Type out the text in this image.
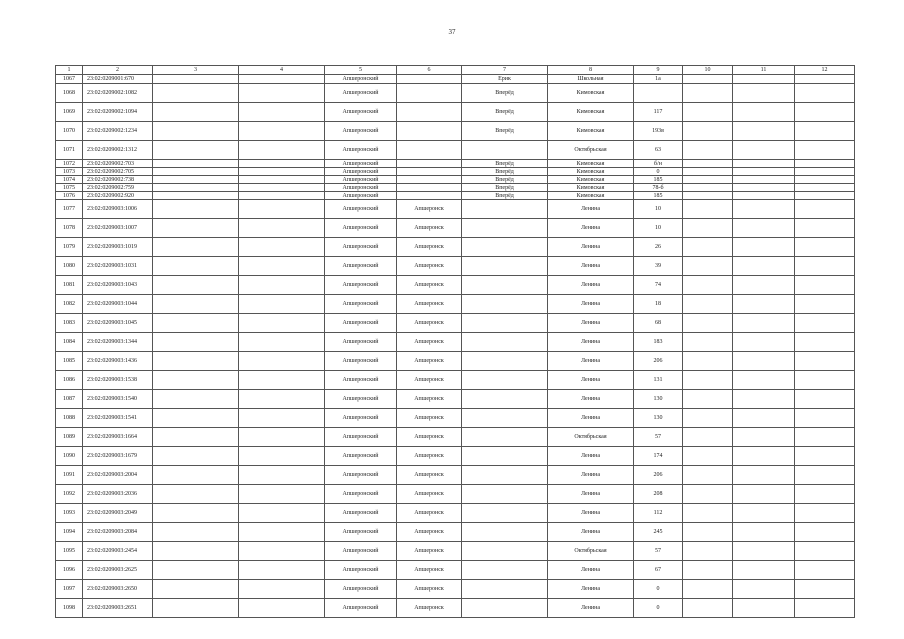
37
1	2	3	4	5	6	7	8	9	10	11	12
1067	23:02:0209001:670			Апшеронский		Ерик	Школьная	1а			
1068	23:02:0209002:1082			Апшеронский		Вперёд	Кимовская				
1069	23:02:0209002:1094			Апшеронский		Вперёд	Кимовская	117			
1070	23:02:0209002:1234			Апшеронский		Вперёд	Кимовская	193в			
1071	23:02:0209002:1312			Апшеронский			Октябрьская	63			
1072	23:02:0209002:703			Апшеронский		Вперёд	Кимовская	б/н			
1073	23:02:0209002:705			Апшеронский		Вперёд	Кимовская	0			
1074	23:02:0209002:738			Апшеронский		Вперёд	Кимовская	185			
1075	23:02:0209002:759			Апшеронский		Вперёд	Кимовская	78-б			
1076	23:02:0209002:920			Апшеронский		Вперёд	Кимовская	185			
1077	23:02:0209003:1006			Апшеронский	Апшеронск		Ленина	10			
1078	23:02:0209003:1007			Апшеронский	Апшеронск		Ленина	10			
1079	23:02:0209003:1019			Апшеронский	Апшеронск		Ленина	26			
1080	23:02:0209003:1031			Апшеронский	Апшеронск		Ленина	39			
1081	23:02:0209003:1043			Апшеронский	Апшеронск		Ленина	74			
1082	23:02:0209003:1044			Апшеронский	Апшеронск		Ленина	18			
1083	23:02:0209003:1045			Апшеронский	Апшеронск		Ленина	68			
1084	23:02:0209003:1344			Апшеронский	Апшеронск		Ленина	183			
1085	23:02:0209003:1436			Апшеронский	Апшеронск		Ленина	206			
1086	23:02:0209003:1538			Апшеронский	Апшеронск		Ленина	131			
1087	23:02:0209003:1540			Апшеронский	Апшеронск		Ленина	130			
1088	23:02:0209003:1541			Апшеронский	Апшеронск		Ленина	130			
1089	23:02:0209003:1664			Апшеронский	Апшеронск		Октябрьская	57			
1090	23:02:0209003:1679			Апшеронский	Апшеронск		Ленина	174			
1091	23:02:0209003:2004			Апшеронский	Апшеронск		Ленина	206			
1092	23:02:0209003:2036			Апшеронский	Апшеронск		Ленина	208			
1093	23:02:0209003:2049			Апшеронский	Апшеронск		Ленина	112			
1094	23:02:0209003:2084			Апшеронский	Апшеронск		Ленина	245			
1095	23:02:0209003:2454			Апшеронский	Апшеронск		Октябрьская	57			
1096	23:02:0209003:2625			Апшеронский	Апшеронск		Ленина	67			
1097	23:02:0209003:2650			Апшеронский	Апшеронск		Ленина	0			
1098	23:02:0209003:2651			Апшеронский	Апшеронск		Ленина	0			
